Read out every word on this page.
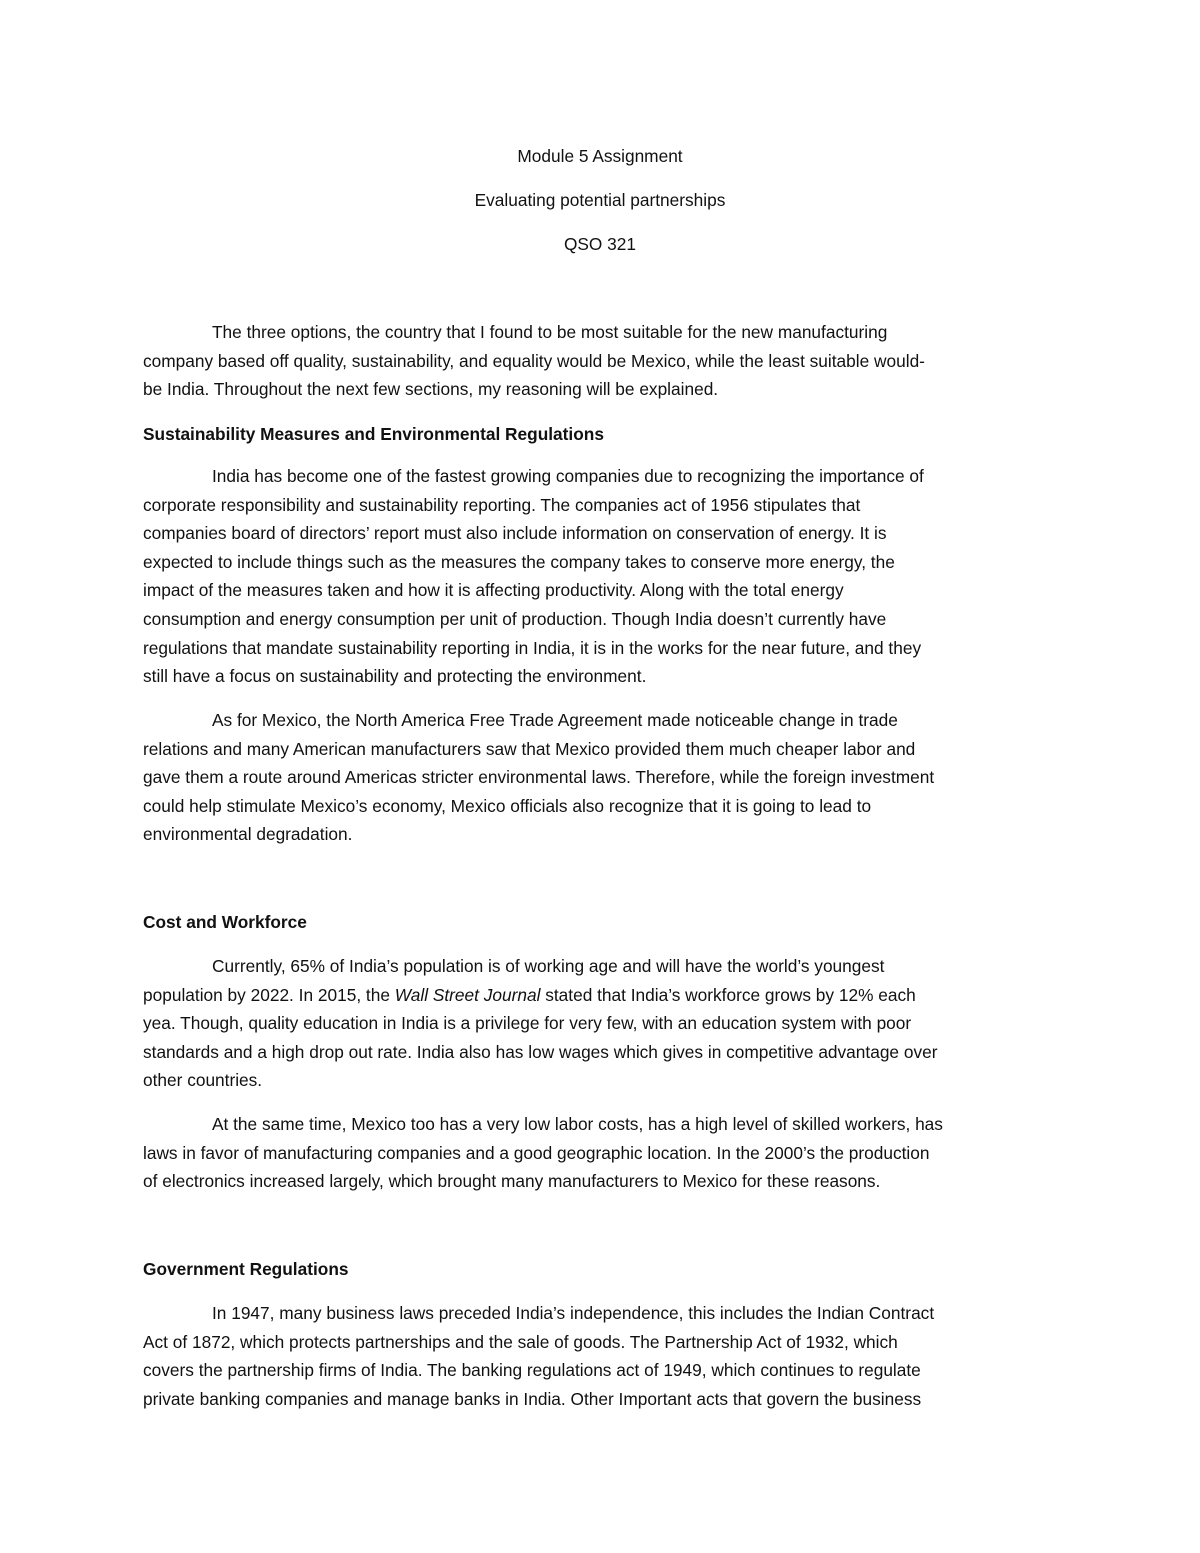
Module 5 Assignment
Evaluating potential partnerships
QSO 321
The three options, the country that I found to be most suitable for the new manufacturing
company based off quality, sustainability, and equality would be Mexico, while the least suitable would-
be India. Throughout the next few sections, my reasoning will be explained.
Sustainability Measures and Environmental Regulations
India has become one of the fastest growing companies due to recognizing the importance of
corporate responsibility and sustainability reporting. The companies act of 1956 stipulates that
companies board of directors’ report must also include information on conservation of energy. It is
expected to include things such as the measures the company takes to conserve more energy, the
impact of the measures taken and how it is affecting productivity. Along with the total energy
consumption and energy consumption per unit of production. Though India doesn’t currently have
regulations that mandate sustainability reporting in India, it is in the works for the near future, and they
still have a focus on sustainability and protecting the environment.
As for Mexico, the North America Free Trade Agreement made noticeable change in trade
relations and many American manufacturers saw that Mexico provided them much cheaper labor and
gave them a route around Americas stricter environmental laws. Therefore, while the foreign investment
could help stimulate Mexico’s economy, Mexico officials also recognize that it is going to lead to
environmental degradation.
Cost and Workforce
Currently, 65% of India’s population is of working age and will have the world’s youngest
population by 2022. In 2015, the Wall Street Journal stated that India’s workforce grows by 12% each
yea. Though, quality education in India is a privilege for very few, with an education system with poor
standards and a high drop out rate. India also has low wages which gives in competitive advantage over
other countries.
At the same time, Mexico too has a very low labor costs, has a high level of skilled workers, has
laws in favor of manufacturing companies and a good geographic location. In the 2000’s the production
of electronics increased largely, which brought many manufacturers to Mexico for these reasons.
Government Regulations
In 1947, many business laws preceded India’s independence, this includes the Indian Contract
Act of 1872, which protects partnerships and the sale of goods. The Partnership Act of 1932, which
covers the partnership firms of India. The banking regulations act of 1949, which continues to regulate
private banking companies and manage banks in India. Other Important acts that govern the business
